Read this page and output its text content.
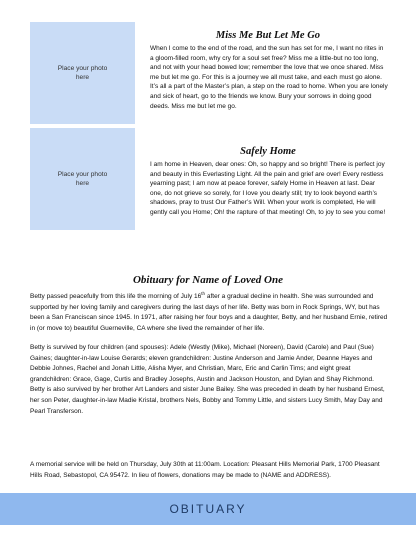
Place your photo here
Place your photo here
Miss Me But Let Me Go
When I come to the end of the road, and the sun has set for me, I want no rites in a gloom-filled room, why cry for a soul set free? Miss me a little-but no too long, and not with your head bowed low; remember the love that we once shared. Miss me but let me go. For this is a journey we all must take, and each must go alone. It’s all a part of the Master’s plan, a step on the road to home. When you are lonely and sick of heart, go to the friends we know. Bury your sorrows in doing good deeds. Miss me but let me go.
Safely Home
I am home in Heaven, dear ones: Oh, so happy and so bright! There is perfect joy and beauty in this Everlasting Light. All the pain and grief are over! Every restless yearning past; I am now at peace forever, safely Home in Heaven at last. Dear one, do not grieve so sorely, for I love you dearly still; try to look beyond earth’s shadows, pray to trust Our Father’s Will. When your work is completed, He will gently call you Home; Oh! the rapture of that meeting! Oh, to joy to see you come!
Obituary for Name of Loved One
Betty passed peacefully from this life the morning of July 16th after a gradual decline in health. She was surrounded and supported by her loving family and caregivers during the last days of her life. Betty was born in Rock Springs, WY, but has been a San Franciscan since 1945. In 1971, after raising her four boys and a daughter, Betty, and her husband Ernie, retired in (or move to) beautiful Guerneville, CA where she lived the remainder of her life.
Betty is survived by four children (and spouses): Adele (Westly (Mike), Michael (Noreen), David (Carole) and Paul (Sue) Gaines; daughter-in-law Louise Gerards; eleven grandchildren: Justine Anderson and Jamie Ander, Deanne Hayes and Debbie Johnes, Rachel and Jonah Little, Alisha Myer, and Christian, Marc, Eric and Carlin Tims; and eight great grandchildren: Grace, Gage, Curtis and Bradley Josephs, Austin and Jackson Houston, and Dylan and Shay Richmond. Betty is also survived by her brother Art Landers and sister June Bailey. She was preceded in death by her husband Ernest, her son Peter, daughter-in-law Madie Kristal, brothers Nels, Bobby and Tommy Little, and sisters Lucy Smith, May Day and Pearl Transferson.
A memorial service will be held on Thursday, July 30th at 11:00am. Location: Pleasant Hills Memorial Park, 1700 Pleasant Hills Road, Sebastopol, CA 95472. In lieu of flowers, donations may be made to (NAME and ADDRESS).
OBITUARY
